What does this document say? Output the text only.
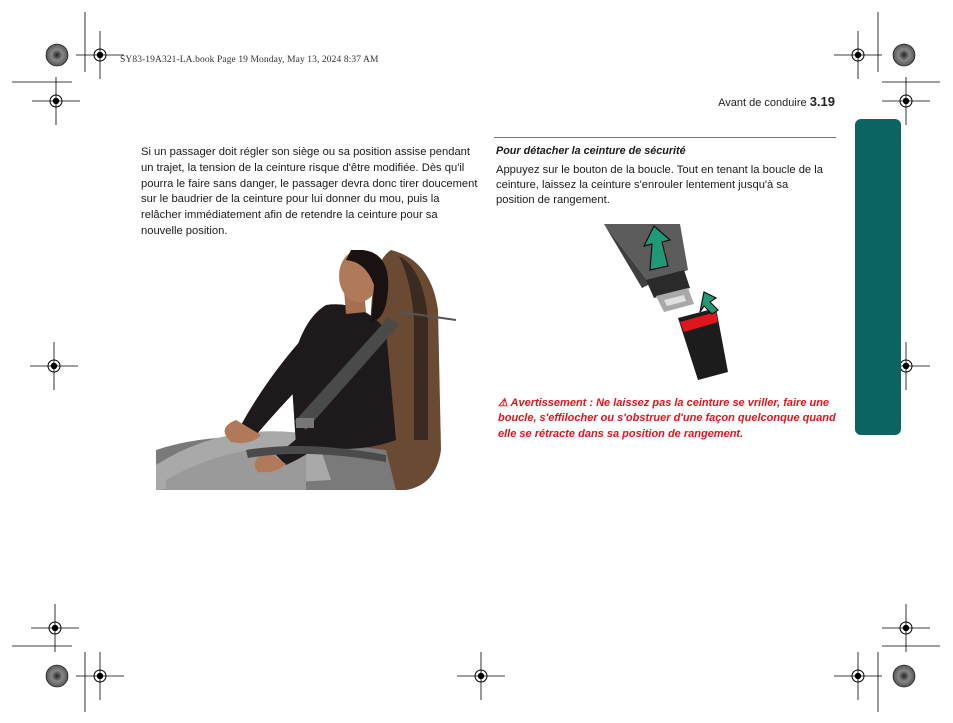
SY83-19A321-LA.book Page 19 Monday, May 13, 2024 8:37 AM
Avant de conduire 3.19
Si un passager doit régler son siège ou sa position assise pendant un trajet, la tension de la ceinture risque d'être modifiée. Dès qu'il pourra le faire sans danger, le passager devra donc tirer doucement sur le baudrier de la ceinture pour lui donner du mou, puis la relâcher immédiatement afin de retendre la ceinture pour sa nouvelle position.
Pour détacher la ceinture de sécurité
Appuyez sur le bouton de la boucle. Tout en tenant la boucle de la ceinture, laissez la ceinture s'enrouler lentement jusqu'à sa position de rangement.
⚠ Avertissement : Ne laissez pas la ceinture se vriller, faire une boucle, s'effilocher ou s'obstruer d'une façon quelconque quand elle se rétracte dans sa position de rangement.
